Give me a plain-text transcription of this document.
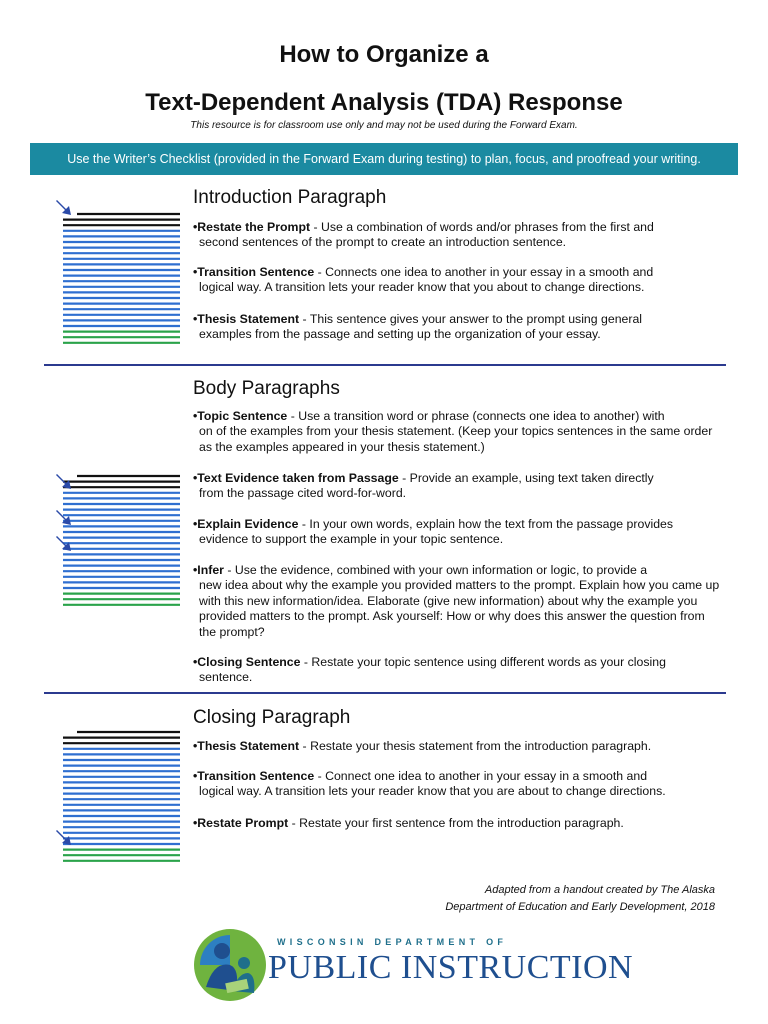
How to Organize a
Text-Dependent Analysis (TDA) Response
This resource is for classroom use only and may not be used during the Forward Exam.
Use the Writer’s Checklist (provided in the Forward Exam during testing) to plan, focus, and proofread your writing.
Introduction Paragraph
•Restate the Prompt - Use a combination of words and/or phrases from the first and
second sentences of the prompt to create an introduction sentence.
•Transition Sentence - Connects one idea to another in your essay in a smooth and
logical way. A transition lets your reader know that you about to change directions.
•Thesis Statement - This sentence gives your answer to the prompt using general
examples from the passage and setting up the organization of your essay.
Body Paragraphs
•Topic Sentence - Use a transition word or phrase (connects one idea to another) with
on of the examples from your thesis statement. (Keep your topics sentences in the same order as the examples appeared in your thesis statement.)
•Text Evidence taken from Passage - Provide an example, using text taken directly
from the passage cited word-for-word.
•Explain Evidence - In your own words, explain how the text from the passage provides
evidence to support the example in your topic sentence.
•Infer - Use the evidence, combined with your own information or logic, to provide a
new idea about why the example you provided matters to the prompt. Explain how you came up with this new information/idea. Elaborate (give new information) about why the example you provided matters to the prompt. Ask yourself: How or why does this answer the question from the prompt?
•Closing Sentence - Restate your topic sentence using different words as your closing
sentence.
Closing Paragraph
•Thesis Statement - Restate your thesis statement from the introduction paragraph.
•Transition Sentence - Connect one idea to another in your essay in a smooth and
logical way. A transition lets your reader know that you are about to change directions.
•Restate Prompt - Restate your first sentence from the introduction paragraph.
Adapted from a handout created by The Alaska
Department of Education and Early Development, 2018
WISCONSIN DEPARTMENT OF
PUBLIC INSTRUCTION
